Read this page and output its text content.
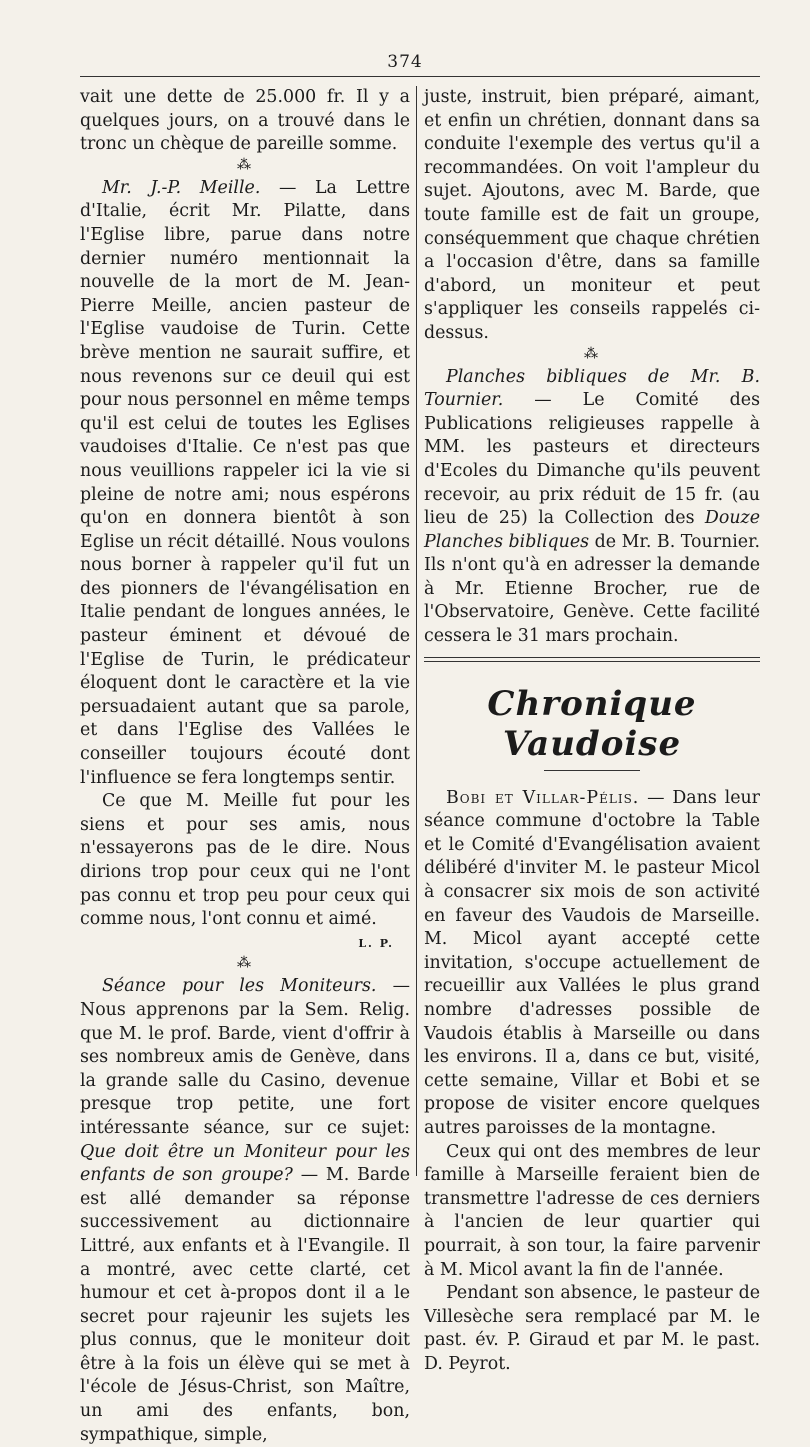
374

vait une dette de 25.000 fr. Il y a quelques jours, on a trouvé dans le tronc un chèque de pareille somme.

⁂

Mr. J.-P. Meille. — La Lettre d'Italie, écrit Mr. Pilatte, dans l'Eglise libre, parue dans notre dernier numéro mentionnait la nouvelle de la mort de M. Jean-Pierre Meille, ancien pasteur de l'Eglise vaudoise de Turin. Cette brève mention ne saurait suffire, et nous revenons sur ce deuil qui est pour nous personnel en même temps qu'il est celui de toutes les Eglises vaudoises d'Italie. Ce n'est pas que nous veuillions rappeler ici la vie si pleine de notre ami; nous espérons qu'on en donnera bientôt à son Eglise un récit détaillé. Nous voulons nous borner à rappeler qu'il fut un des pionners de l'évangélisation en Italie pendant de longues années, le pasteur éminent et dévoué de l'Eglise de Turin, le prédicateur éloquent dont le caractère et la vie persuadaient autant que sa parole, et dans l'Eglise des Vallées le conseiller toujours écouté dont l'influence se fera longtemps sentir.

Ce que M. Meille fut pour les siens et pour ses amis, nous n'essayerons pas de le dire. Nous dirions trop pour ceux qui ne l'ont pas connu et trop peu pour ceux qui comme nous, l'ont connu et aimé.
L. P.

⁂

Séance pour les Moniteurs. — Nous apprenons par la Sem. Relig. que M. le prof. Barde, vient d'offrir à ses nombreux amis de Genève, dans la grande salle du Casino, devenue presque trop petite, une fort intéressante séance, sur ce sujet: Que doit être un Moniteur pour les enfants de son groupe? — M. Barde est allé demander sa réponse successivement au dictionnaire Littré, aux enfants et à l'Evangile. Il a montré, avec cette clarté, cet humour et cet à-propos dont il a le secret pour rajeunir les sujets les plus connus, que le moniteur doit être à la fois un élève qui se met à l'école de Jésus-Christ, son Maître, un ami des enfants, bon, sympathique, simple,

juste, instruit, bien préparé, aimant, et enfin un chrétien, donnant dans sa conduite l'exemple des vertus qu'il a recommandées. On voit l'ampleur du sujet. Ajoutons, avec M. Barde, que toute famille est de fait un groupe, conséquemment que chaque chrétien a l'occasion d'être, dans sa famille d'abord, un moniteur et peut s'appliquer les conseils rappelés ci-dessus.

⁂

Planches bibliques de Mr. B. Tournier. — Le Comité des Publications religieuses rappelle à MM. les pasteurs et directeurs d'Ecoles du Dimanche qu'ils peuvent recevoir, au prix réduit de 15 fr. (au lieu de 25) la Collection des Douze Planches bibliques de Mr. B. Tournier. Ils n'ont qu'à en adresser la demande à Mr. Etienne Brocher, rue de l'Observatoire, Genève. Cette facilité cessera le 31 mars prochain.

Chronique Vaudoise

Bobi et Villar-Pélis. — Dans leur séance commune d'octobre la Table et le Comité d'Evangélisation avaient délibéré d'inviter M. le pasteur Micol à consacrer six mois de son activité en faveur des Vaudois de Marseille. M. Micol ayant accepté cette invitation, s'occupe actuellement de recueillir aux Vallées le plus grand nombre d'adresses possible de Vaudois établis à Marseille ou dans les environs. Il a, dans ce but, visité, cette semaine, Villar et Bobi et se propose de visiter encore quelques autres paroisses de la montagne.

Ceux qui ont des membres de leur famille à Marseille feraient bien de transmettre l'adresse de ces derniers à l'ancien de leur quartier qui pourrait, à son tour, la faire parvenir à M. Micol avant la fin de l'année.

Pendant son absence, le pasteur de Villesèche sera remplacé par M. le past. év. P. Giraud et par M. le past. D. Peyrot.
